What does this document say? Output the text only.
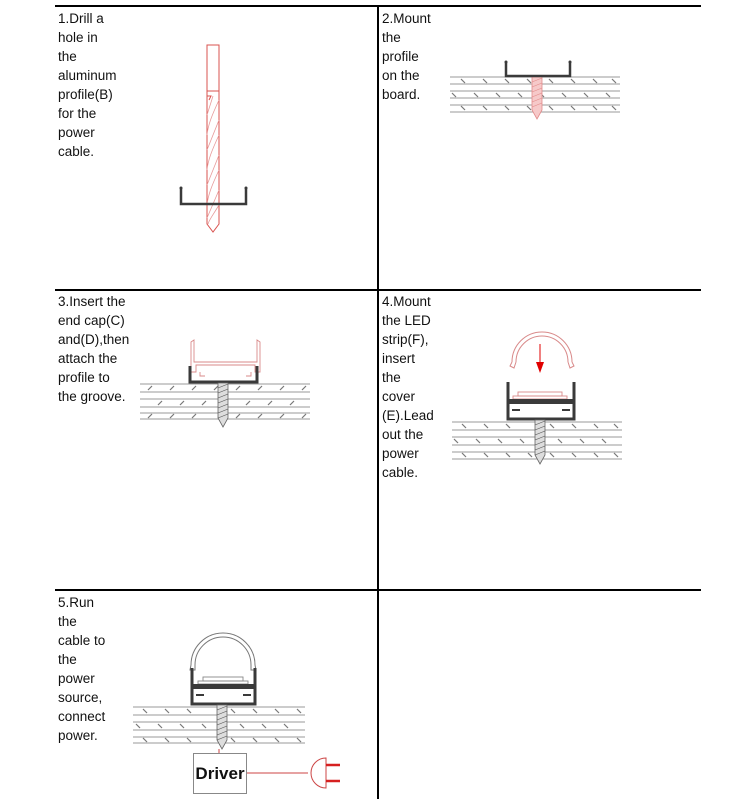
1.Drill a hole in the aluminum profile(B) for the
power cable.
2.Mount the profile on the board.
3.Insert the end cap(C) and(D),then attach the
profile to the groove.
4.Mount the LED strip(F), insert the cover
(E).Lead out the power cable.
5.Run the cable to the power source, connect
power.
Driver
